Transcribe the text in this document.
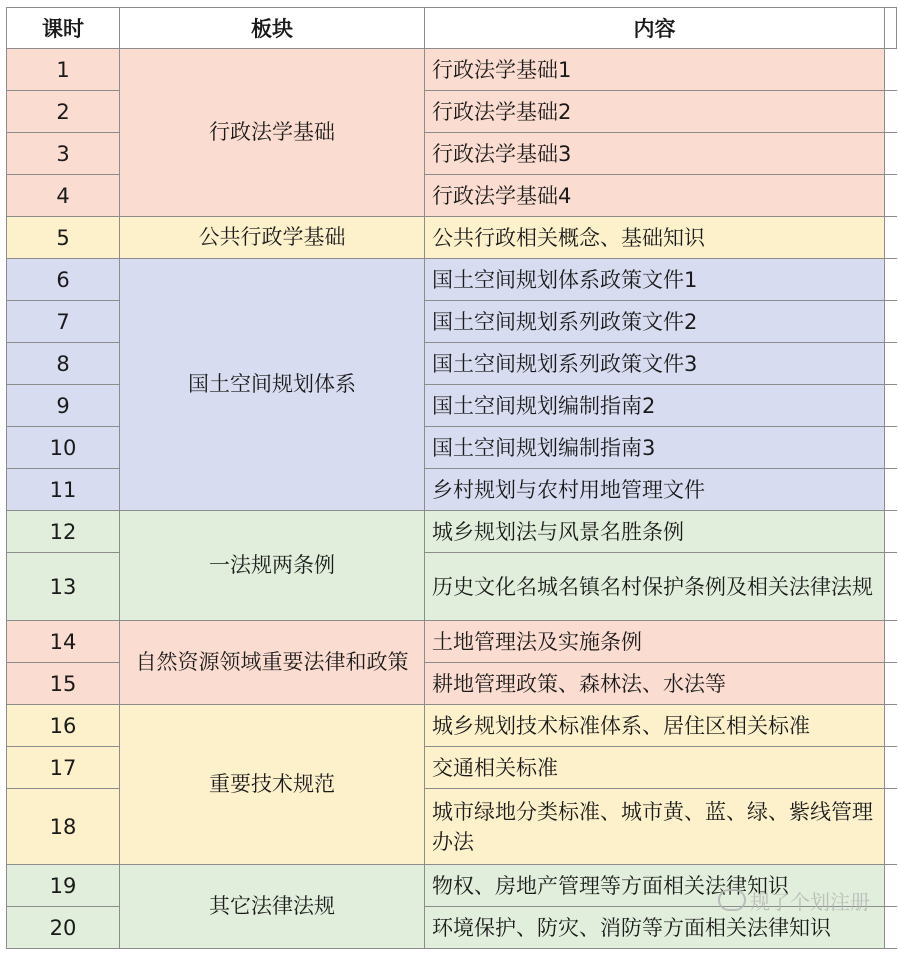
课时	板块	内容	
1	行政法学基础	行政法学基础1	
2		行政法学基础2	
3		行政法学基础3	
4		行政法学基础4	
5	公共行政学基础	公共行政相关概念、基础知识	
6	国土空间规划体系	国土空间规划体系政策文件1	
7		国土空间规划系列政策文件2	
8		国土空间规划系列政策文件3	
9		国土空间规划编制指南2	
10		国土空间规划编制指南3	
11		乡村规划与农村用地管理文件	
12	一法规两条例	城乡规划法与风景名胜条例	
13		历史文化名城名镇名村保护条例及相关法律法规	
14	自然资源领域重要法律和政策	土地管理法及实施条例	
15		耕地管理政策、森林法、水法等	
16	重要技术规范	城乡规划技术标准体系、居住区相关标准	
17		交通相关标准	
18		城市绿地分类标准、城市黄、蓝、绿、紫线管理办法	
19	其它法律法规	物权、房地产管理等方面相关法律知识	
20		环境保护、防灾、消防等方面相关法律知识	
规了个划注册
